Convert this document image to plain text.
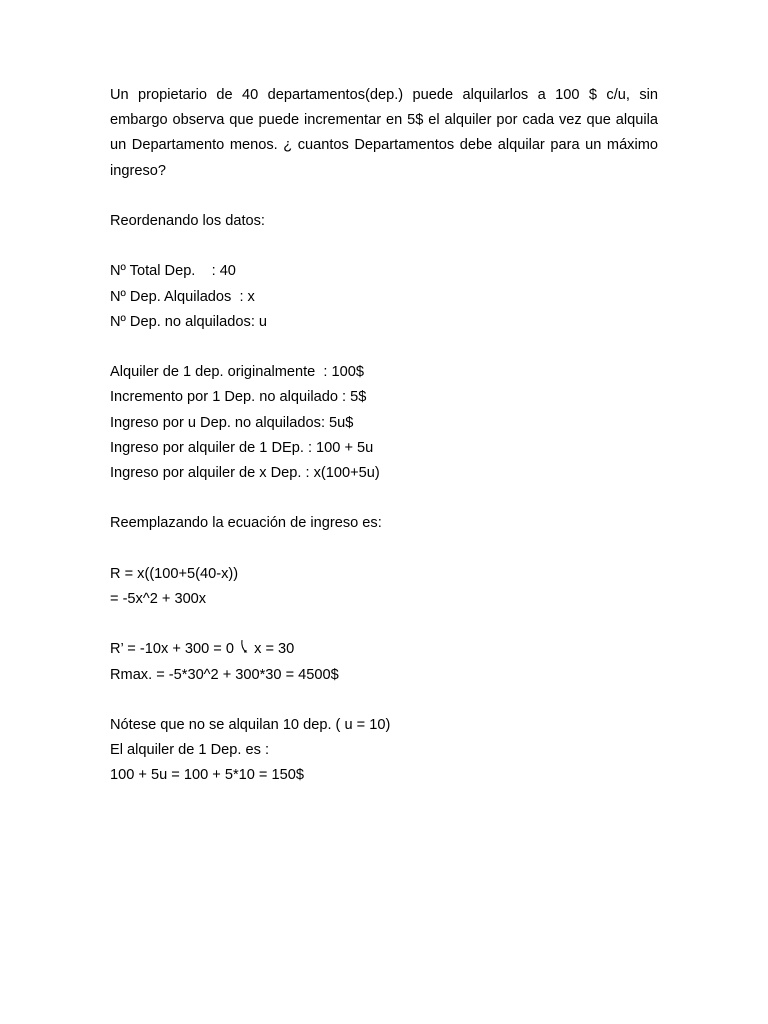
Un propietario de 40 departamentos(dep.) puede alquilarlos a 100 $ c/u, sin embargo observa que puede incrementar en 5$ el alquiler por cada vez que alquila un Departamento menos. ¿ cuantos Departamentos debe alquilar para un máximo ingreso?

Reordenando los datos:

Nº Total Dep.    : 40

Nº Dep. Alquilados  : x

Nº Dep. no alquilados: u

Alquiler de 1 dep. originalmente  : 100$

Incremento por 1 Dep. no alquilado : 5$

Ingreso por u Dep. no alquilados: 5u$

Ingreso por alquiler de 1 DEp. : 100 + 5u

Ingreso por alquiler de x Dep. : x(100+5u)

Reemplazando la ecuación de ingreso es:

R = x((100+5(40-x))

= -5x^2 + 300x

R’ = -10x + 300 = 0  x = 30

Rmax. = -5*30^2 + 300*30 = 4500$

Nótese que no se alquilan 10 dep. ( u = 10)

El alquiler de 1 Dep. es :

100 + 5u = 100 + 5*10 = 150$
